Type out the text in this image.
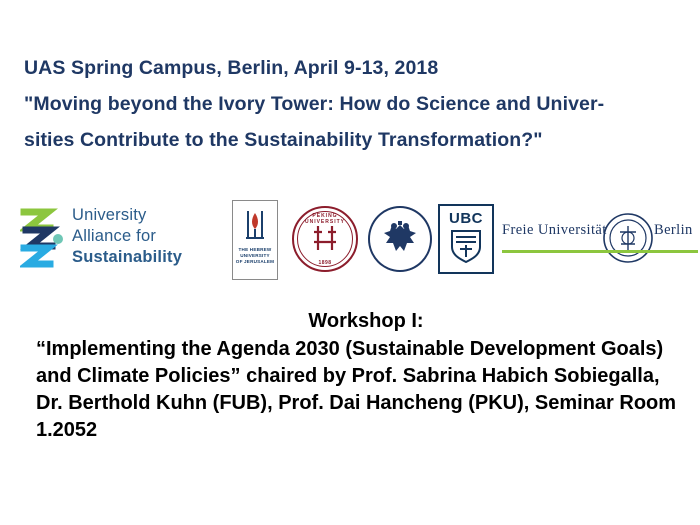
UAS Spring Campus, Berlin, April 9-13, 2018
"Moving beyond the Ivory Tower: How do Science and Univer-
sities Contribute to the Sustainability Transformation?"
University
Alliance for
Sustainability	THE HEBREW
UNIVERSITY
OF JERUSALEM
PEKING UNIVERSITY
1898
UBC
Freie Universität	Berlin
Workshop I:
“Implementing the Agenda 2030 (Sustainable Development Goals) and Climate Policies” chaired by Prof. Sabrina Habich Sobiegalla, Dr. Berthold Kuhn (FUB), Prof. Dai Hancheng (PKU), Seminar Room 1.2052
